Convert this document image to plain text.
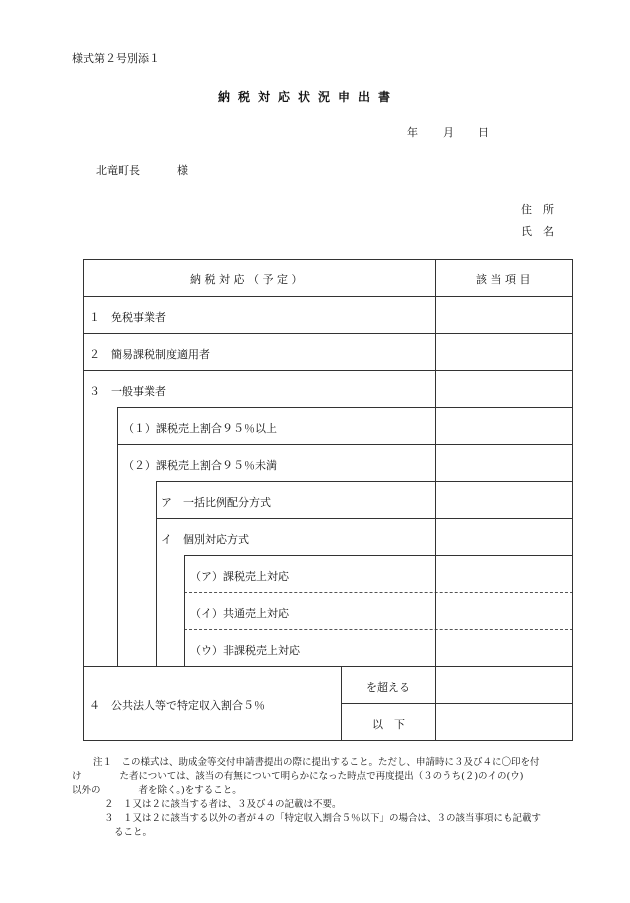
様式第２号別添１
納税対応状況申出書
年 月 日
北竜町長	様
住　所
氏　名
納 税 対 応 （ 予 定 ）	該 当 項 目
１　免税事業者
２　簡易課税制度適用者
３　一般事業者
（１）課税売上割合９５％以上
（２）課税売上割合９５％未満
ア　一括比例配分方式
イ　個別対応方式
（ア）課税売上対応
（イ）共通売上対応
（ウ）非課税売上対応
４　公共法人等で特定収入割合５％
を超える
以　下
注１　この様式は、助成金等交付申請書提出の際に提出すること。ただし、申請時に３及び４に〇印を付
け　　　　た者については、該当の有無について明らかになった時点で再度提出（３のうち(２)のイの(ウ)
以外の　　　　者を除く。)をすること。
２　１又は２に該当する者は、３及び４の記載は不要。
３　１又は２に該当する以外の者が４の「特定収入割合５％以下」の場合は、３の該当事項にも記載す
ること。
